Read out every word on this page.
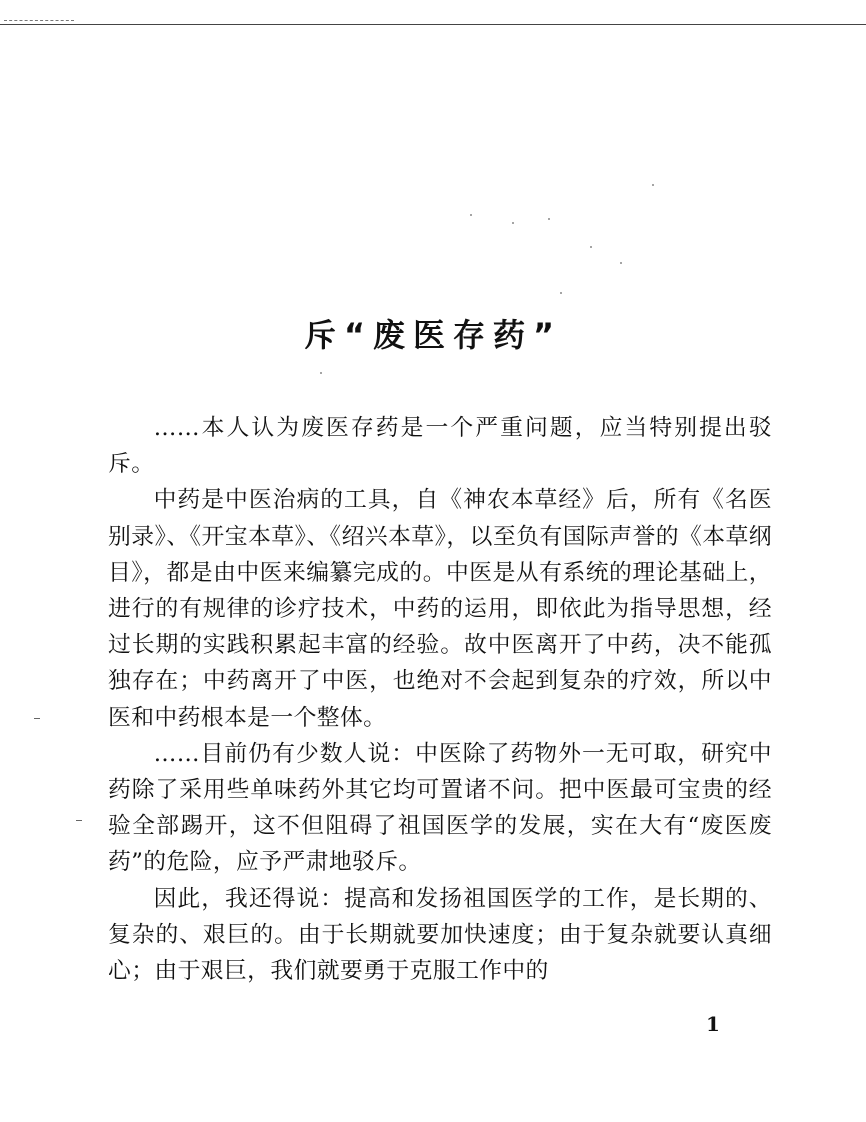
斥“废医存药”

……本人认为废医存药是一个严重问题，应当特别提出驳斥。

中药是中医治病的工具，自《神农本草经》后，所有《名医别录》、《开宝本草》、《绍兴本草》，以至负有国际声誉的《本草纲目》，都是由中医来编纂完成的。中医是从有系统的理论基础上，进行的有规律的诊疗技术，中药的运用，即依此为指导思想，经过长期的实践积累起丰富的经验。故中医离开了中药，决不能孤独存在；中药离开了中医，也绝对不会起到复杂的疗效，所以中医和中药根本是一个整体。

……目前仍有少数人说：中医除了药物外一无可取，研究中药除了采用些单味药外其它均可置诸不问。把中医最可宝贵的经验全部踢开，这不但阻碍了祖国医学的发展，实在大有“废医废药”的危险，应予严肃地驳斥。

因此，我还得说：提高和发扬祖国医学的工作，是长期的、复杂的、艰巨的。由于长期就要加快速度；由于复杂就要认真细心；由于艰巨，我们就要勇于克服工作中的

1
